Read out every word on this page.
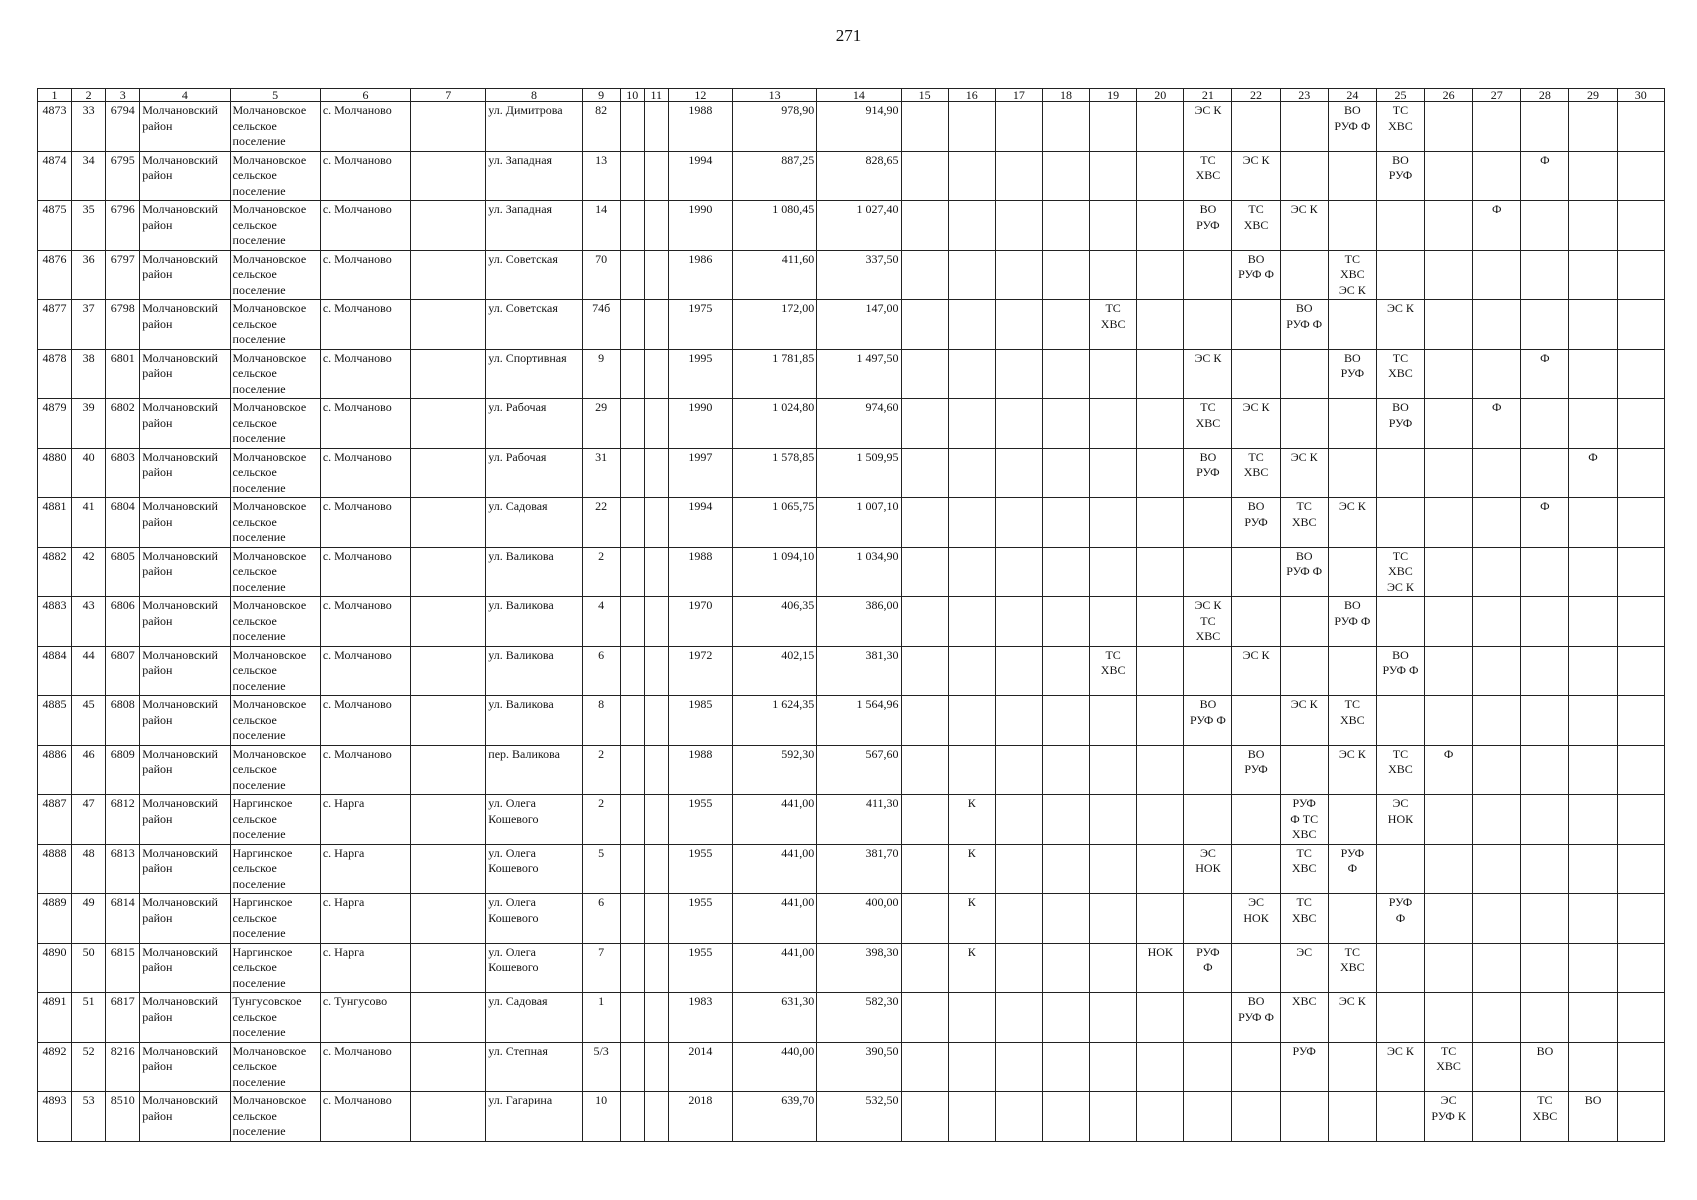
271
1	2	3	4	5	6	7	8	9	10	11	12	13	14	15	16	17	18	19	20	21	22	23	24	25	26	27	28	29	30
4873	33	6794	Молчановский район	Молчановское сельское поселение	с. Молчаново		ул. Димитрова	82			1988	978,90	914,90							ЭС К			ВО
РУФ Ф	ТС
ХВС					
4874	34	6795	Молчановский район	Молчановское сельское поселение	с. Молчаново		ул. Западная	13			1994	887,25	828,65							ТС
ХВС	ЭС К			ВО
РУФ			Ф		
4875	35	6796	Молчановский район	Молчановское сельское поселение	с. Молчаново		ул. Западная	14			1990	1 080,45	1 027,40							ВО
РУФ	ТС
ХВС	ЭС К				Ф			
4876	36	6797	Молчановский район	Молчановское сельское поселение	с. Молчаново		ул. Советская	70			1986	411,60	337,50								ВО
РУФ Ф		ТС
ХВС
ЭС К						
4877	37	6798	Молчановский район	Молчановское сельское поселение	с. Молчаново		ул. Советская	74б			1975	172,00	147,00					ТС
ХВС				ВО
РУФ Ф		ЭС К					
4878	38	6801	Молчановский район	Молчановское сельское поселение	с. Молчаново		ул. Спортивная	9			1995	1 781,85	1 497,50							ЭС К			ВО
РУФ	ТС
ХВС			Ф		
4879	39	6802	Молчановский район	Молчановское сельское поселение	с. Молчаново		ул. Рабочая	29			1990	1 024,80	974,60							ТС
ХВС	ЭС К			ВО
РУФ		Ф			
4880	40	6803	Молчановский район	Молчановское сельское поселение	с. Молчаново		ул. Рабочая	31			1997	1 578,85	1 509,95							ВО
РУФ	ТС
ХВС	ЭС К						Ф	
4881	41	6804	Молчановский район	Молчановское сельское поселение	с. Молчаново		ул. Садовая	22			1994	1 065,75	1 007,10								ВО
РУФ	ТС
ХВС	ЭС К				Ф		
4882	42	6805	Молчановский район	Молчановское сельское поселение	с. Молчаново		ул. Валикова	2			1988	1 094,10	1 034,90									ВО
РУФ Ф		ТС
ХВС
ЭС К					
4883	43	6806	Молчановский район	Молчановское сельское поселение	с. Молчаново		ул. Валикова	4			1970	406,35	386,00							ЭС К
ТС
ХВС			ВО
РУФ Ф						
4884	44	6807	Молчановский район	Молчановское сельское поселение	с. Молчаново		ул. Валикова	6			1972	402,15	381,30					ТС
ХВС			ЭС К			ВО
РУФ Ф					
4885	45	6808	Молчановский район	Молчановское сельское поселение	с. Молчаново		ул. Валикова	8			1985	1 624,35	1 564,96							ВО
РУФ Ф		ЭС К	ТС
ХВС						
4886	46	6809	Молчановский район	Молчановское сельское поселение	с. Молчаново		пер. Валикова	2			1988	592,30	567,60								ВО
РУФ		ЭС К	ТС
ХВС	Ф				
4887	47	6812	Молчановский район	Наргинское сельское поселение	с. Нарга		ул. Олега Кошевого	2			1955	441,00	411,30		К							РУФ
Ф ТС
ХВС		ЭС
НОК					
4888	48	6813	Молчановский район	Наргинское сельское поселение	с. Нарга		ул. Олега Кошевого	5			1955	441,00	381,70		К					ЭС
НОК		ТС
ХВС	РУФ
Ф						
4889	49	6814	Молчановский район	Наргинское сельское поселение	с. Нарга		ул. Олега Кошевого	6			1955	441,00	400,00		К						ЭС
НОК	ТС
ХВС		РУФ
Ф					
4890	50	6815	Молчановский район	Наргинское сельское поселение	с. Нарга		ул. Олега Кошевого	7			1955	441,00	398,30		К				НОК	РУФ
Ф		ЭС	ТС
ХВС						
4891	51	6817	Молчановский район	Тунгусовское сельское поселение	с. Тунгусово		ул. Садовая	1			1983	631,30	582,30								ВО
РУФ Ф	ХВС	ЭС К						
4892	52	8216	Молчановский район	Молчановское сельское поселение	с. Молчаново		ул. Степная	5/3			2014	440,00	390,50									РУФ		ЭС К	ТС
ХВС		ВО		
4893	53	8510	Молчановский район	Молчановское сельское поселение	с. Молчаново		ул. Гагарина	10			2018	639,70	532,50												ЭС
РУФ К		ТС
ХВС	ВО	
